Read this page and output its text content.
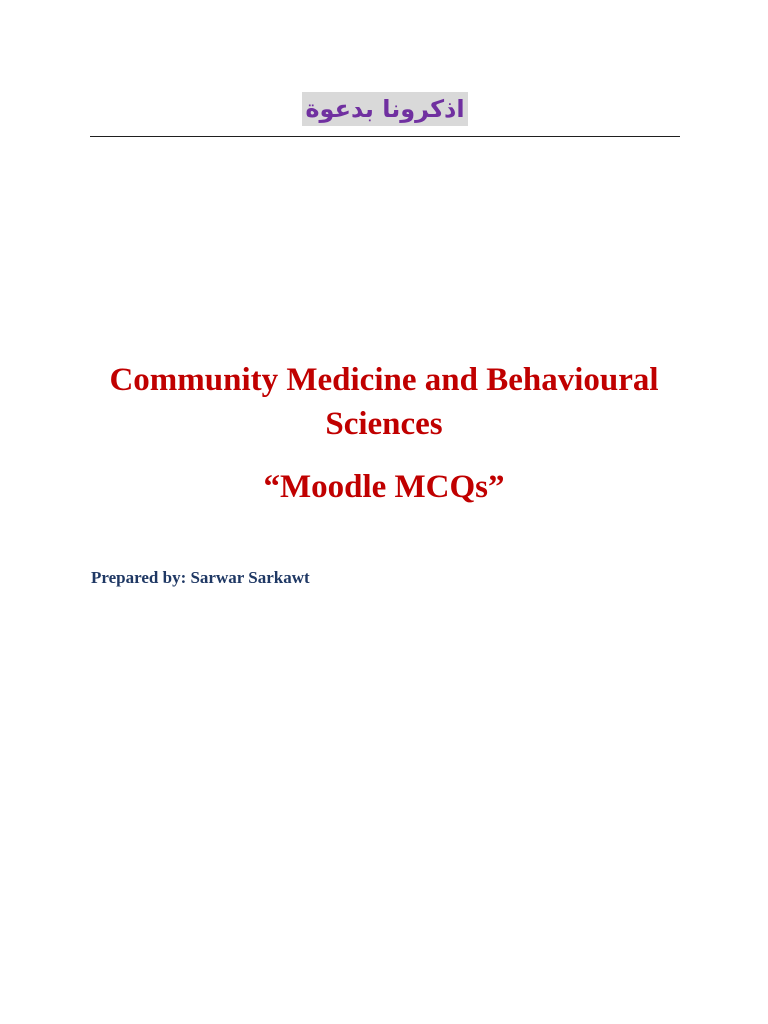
اذكرونا بدعوة

Community Medicine and Behavioural Sciences

“Moodle MCQs”

Prepared by: Sarwar Sarkawt
